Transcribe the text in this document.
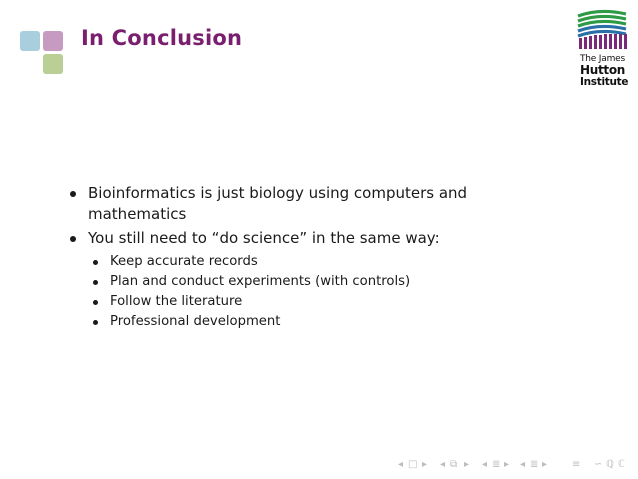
In Conclusion
The James
Hutton
Institute
Bioinformatics is just biology using computers and mathematics
You still need to “do science” in the same way:
Keep accurate records
Plan and conduct experiments (with controls)
Follow the literature
Professional development
◂ □ ▸ ◂ ⧉ ▸ ◂ ≣ ▸ ◂ ≣ ▸ ≡ ∽ ℚ ℂ
